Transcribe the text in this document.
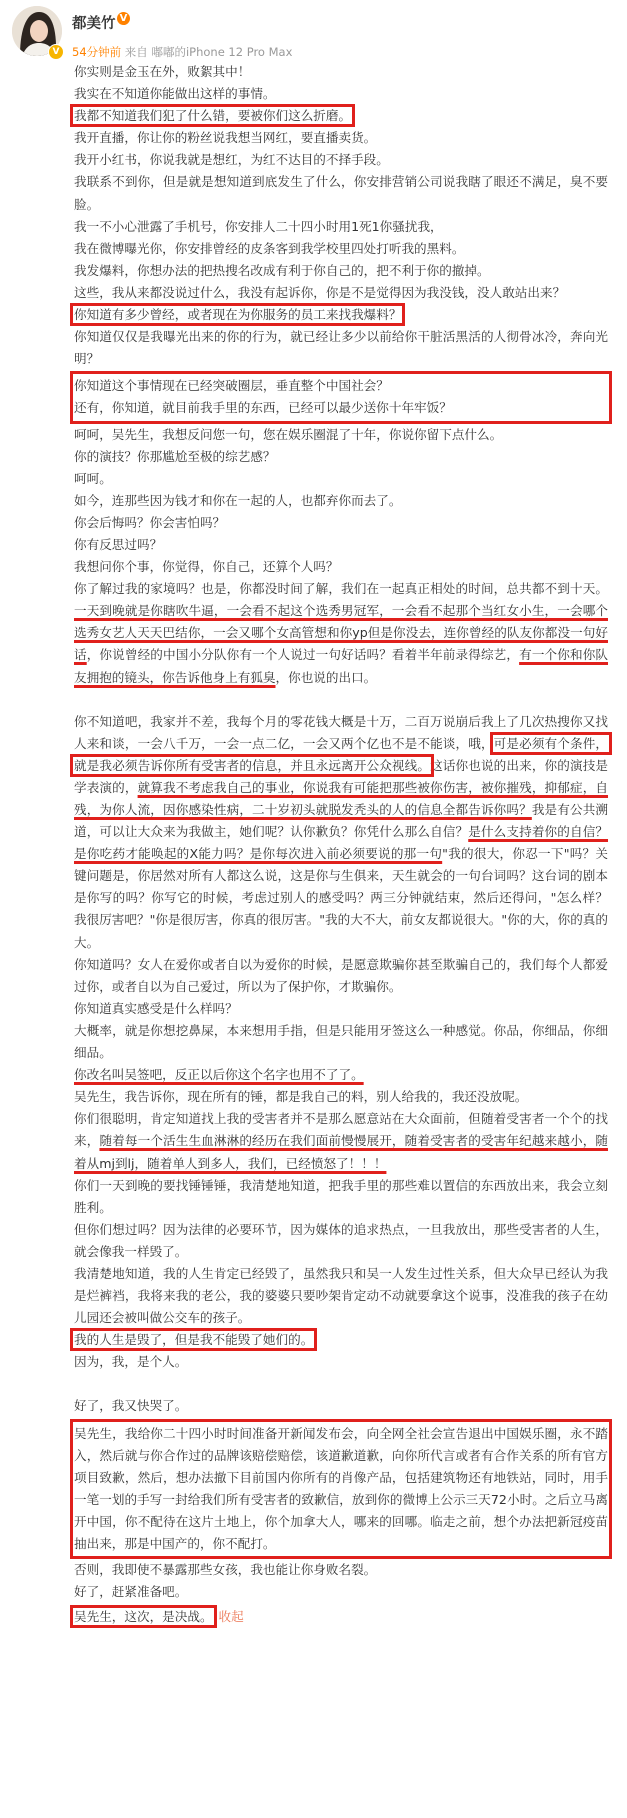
V
都美竹 V
54分钟前 来自 嘟嘟的iPhone 12 Pro Max

你实则是金玉在外，败絮其中！

我实在不知道你能做出这样的事情。

我都不知道我们犯了什么错，要被你们这么折磨。

我开直播，你让你的粉丝说我想当网红，要直播卖货。

我开小红书，你说我就是想红，为红不达目的不择手段。

我联系不到你，但是就是想知道到底发生了什么，你安排营销公司说我瞎了眼还不满足，臭不要脸。

我一不小心泄露了手机号，你安排人二十四小时用1死1你骚扰我，

我在微博曝光你，你安排曾经的皮条客到我学校里四处打听我的黑料。

我发爆料，你想办法的把热搜名改成有利于你自己的，把不利于你的撤掉。

这些，我从来都没说过什么，我没有起诉你，你是不是觉得因为我没钱，没人敢站出来？

你知道有多少曾经，或者现在为你服务的员工来找我爆料？

你知道仅仅是我曝光出来的你的行为，就已经让多少以前给你干脏活黑活的人彻骨冰冷，奔向光明？

你知道这个事情现在已经突破圈层，垂直整个中国社会？

还有，你知道，就目前我手里的东西，已经可以最少送你十年牢饭？

呵呵，吴先生，我想反问您一句，您在娱乐圈混了十年，你说你留下点什么。

你的演技？你那尴尬至极的综艺感？

呵呵。

如今，连那些因为钱才和你在一起的人，也都弃你而去了。

你会后悔吗？你会害怕吗？

你有反思过吗？

我想问你个事，你觉得，你自己，还算个人吗？

你了解过我的家境吗？也是，你都没时间了解，我们在一起真正相处的时间，总共都不到十天。一天到晚就是你瞎吹牛逼，一会看不起这个选秀男冠军，一会看不起那个当红女小生，一会哪个选秀女艺人天天巴结你，一会又哪个女高管想和你yp但是你没去，连你曾经的队友你都没一句好话，你说曾经的中国小分队你有一个人说过一句好话吗？看着半年前录得综艺，有一个你和你队友拥抱的镜头，你告诉他身上有狐臭，你也说的出口。

你不知道吧，我家并不差，我每个月的零花钱大概是十万，二百万说崩后我上了几次热搜你又找人来和谈，一会八千万，一会一点二亿，一会又两个亿也不是不能谈，哦，可是必须有个条件，就是我必须告诉你所有受害者的信息，并且永远离开公众视线。这话你也说的出来，你的演技是学表演的，就算我不考虑我自己的事业，你说我有可能把那些被你伤害，被你摧残，抑郁症，自残，为你人流，因你感染性病，二十岁初头就脱发秃头的人的信息全都告诉你吗？我是有公共溯道，可以让大众来为我做主，她们呢？认你歉负？你凭什么那么自信？是什么支持着你的自信？是你吃药才能唤起的X能力吗？是你每次进入前必须要说的那一句"我的很大，你忍一下"吗？关键问题是，你居然对所有人都这么说，这是你与生俱来，天生就会的一句台词吗？这台词的剧本是你写的吗？你写它的时候，考虑过别人的感受吗？两三分钟就结束，然后还得问，"怎么样？我很厉害吧？"你是很厉害，你真的很厉害。"我的大不大，前女友都说很大。"你的大，你的真的大。

你知道吗？女人在爱你或者自以为爱你的时候，是愿意欺骗你甚至欺骗自己的，我们每个人都爱过你，或者自以为自己爱过，所以为了保护你，才欺骗你。

你知道真实感受是什么样吗？

大概率，就是你想挖鼻屎，本来想用手指，但是只能用牙签这么一种感觉。你品，你细品，你细细品。

你改名叫吴签吧，反正以后你这个名字也用不了了。

吴先生，我告诉你，现在所有的锤，都是我自己的料，别人给我的，我还没放呢。

你们很聪明，肯定知道找上我的受害者并不是那么愿意站在大众面前，但随着受害者一个个的找来，随着每一个活生生血淋淋的经历在我们面前慢慢展开，随着受害者的受害年纪越来越小，随着从mj到lj，随着单人到多人，我们，已经愤怒了！！！

你们一天到晚的要找锤锤锤，我清楚地知道，把我手里的那些难以置信的东西放出来，我会立刻胜利。

但你们想过吗？因为法律的必要环节，因为媒体的追求热点，一旦我放出，那些受害者的人生，就会像我一样毁了。

我清楚地知道，我的人生肯定已经毁了，虽然我只和吴一人发生过性关系，但大众早已经认为我是烂裤裆，我将来我的老公，我的婆婆只要吵架肯定动不动就要拿这个说事，没准我的孩子在幼儿园还会被叫做公交车的孩子。

我的人生是毁了，但是我不能毁了她们的。

因为，我，是个人。

好了，我又快哭了。

吴先生，我给你二十四小时时间准备开新闻发布会，向全网全社会宣告退出中国娱乐圈，永不踏入，然后就与你合作过的品牌该赔偿赔偿，该道歉道歉，向你所代言或者有合作关系的所有官方项目致歉，然后，想办法撤下目前国内你所有的肖像产品，包括建筑物还有地铁站，同时，用手一笔一划的手写一封给我们所有受害者的致歉信，放到你的微博上公示三天72小时。之后立马离开中国，你不配待在这片土地上，你个加拿大人，哪来的回哪。临走之前，想个办法把新冠疫苗抽出来，那是中国产的，你不配打。

否则，我即使不暴露那些女孩，我也能让你身败名裂。

好了，赶紧准备吧。

吴先生，这次，是决战。 收起
